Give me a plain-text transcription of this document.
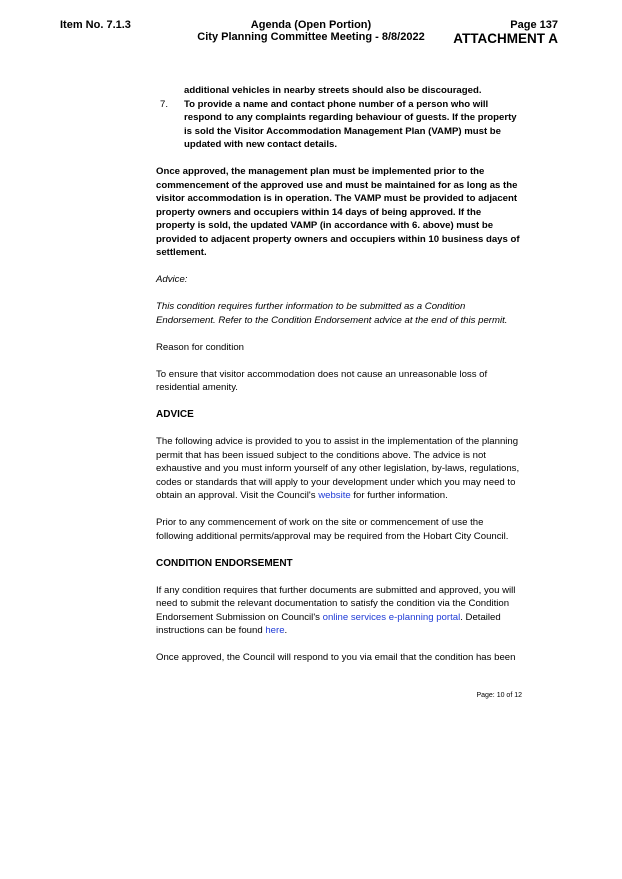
Item No. 7.1.3	Agenda (Open Portion)
City Planning Committee Meeting - 8/8/2022
Page 137
ATTACHMENT A
additional vehicles in nearby streets should also be discouraged.

7. To provide a name and contact phone number of a person who will respond to any complaints regarding behaviour of guests. If the property is sold the Visitor Accommodation Management Plan (VAMP) must be updated with new contact details.

Once approved, the management plan must be implemented prior to the commencement of the approved use and must be maintained for as long as the visitor accommodation is in operation. The VAMP must be provided to adjacent property owners and occupiers within 14 days of being approved. If the property is sold, the updated VAMP (in accordance with 6. above) must be provided to adjacent property owners and occupiers within 10 business days of settlement.

Advice:

This condition requires further information to be submitted as a Condition Endorsement. Refer to the Condition Endorsement advice at the end of this permit.

Reason for condition

To ensure that visitor accommodation does not cause an unreasonable loss of residential amenity.

ADVICE

The following advice is provided to you to assist in the implementation of the planning permit that has been issued subject to the conditions above. The advice is not exhaustive and you must inform yourself of any other legislation, by-laws, regulations, codes or standards that will apply to your development under which you may need to obtain an approval. Visit the Council's website for further information.

Prior to any commencement of work on the site or commencement of use the following additional permits/approval may be required from the Hobart City Council.

CONDITION ENDORSEMENT

If any condition requires that further documents are submitted and approved, you will need to submit the relevant documentation to satisfy the condition via the Condition Endorsement Submission on Council's online services e-planning portal. Detailed instructions can be found here.

Once approved, the Council will respond to you via email that the condition has been

Page: 10 of 12
